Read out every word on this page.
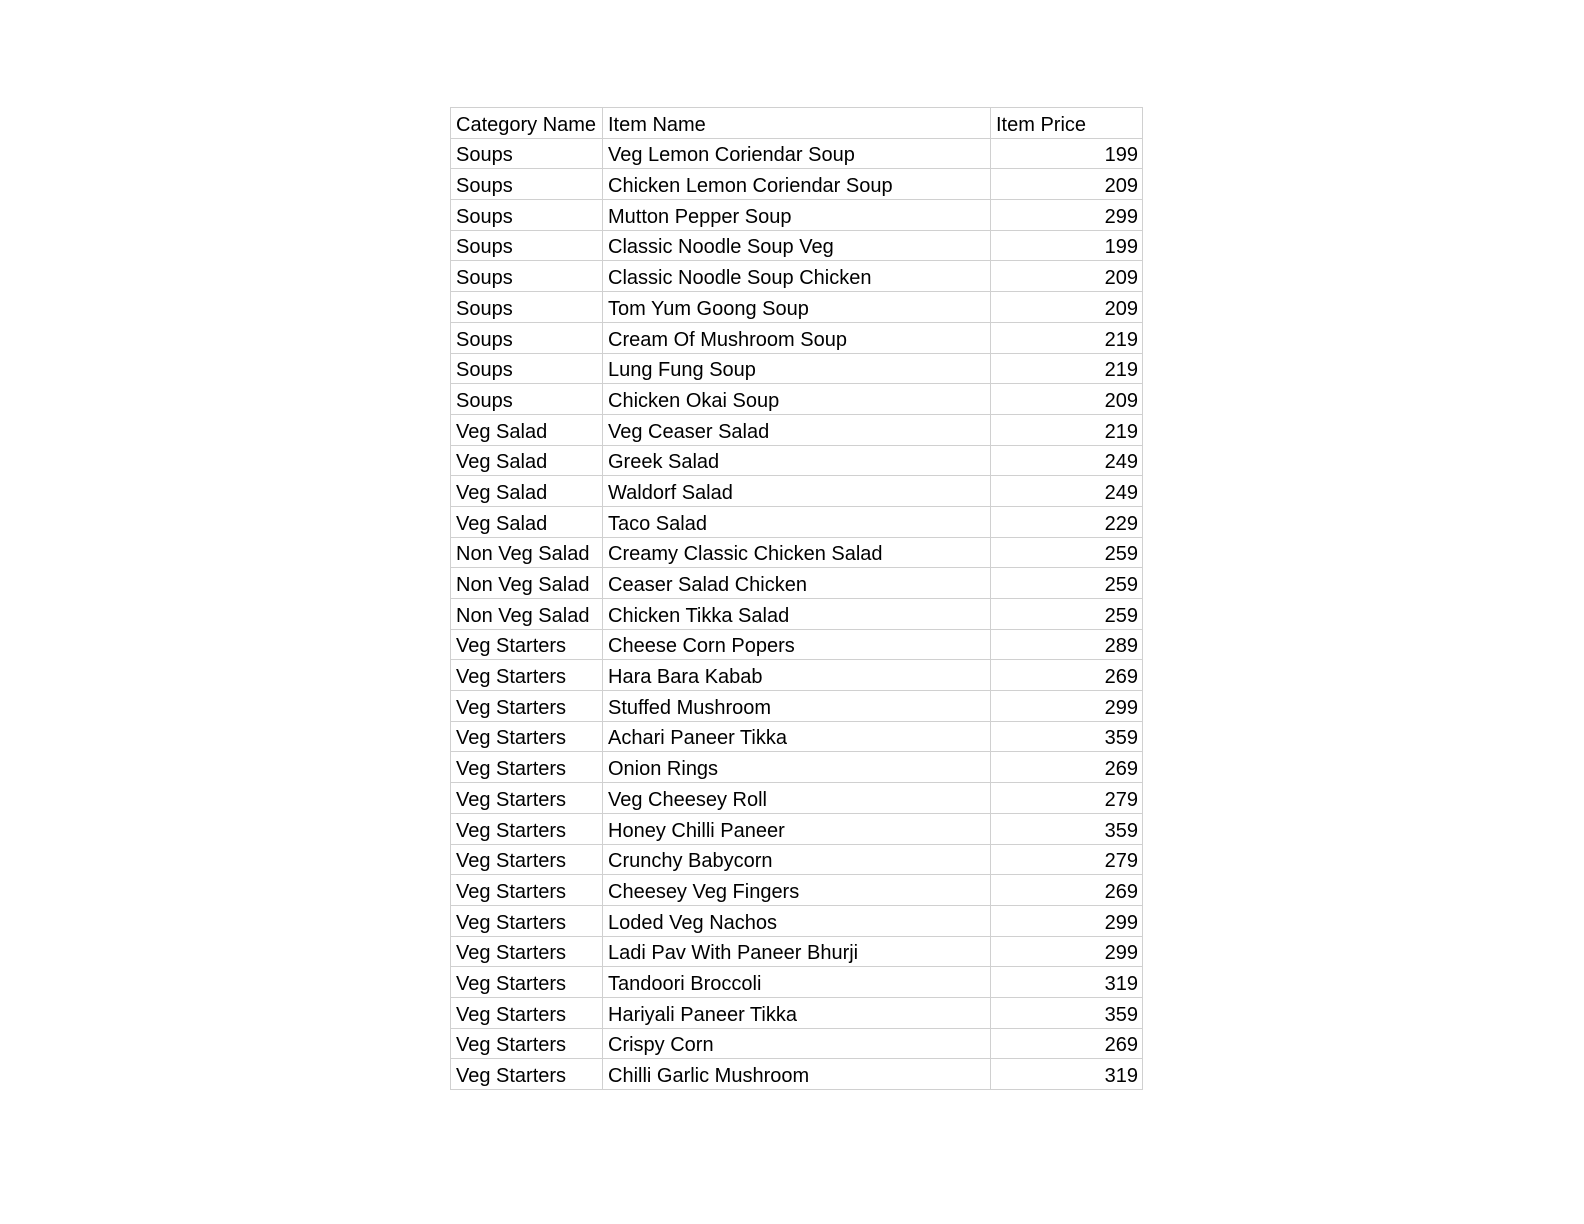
Category Name	Item Name	Item Price
Soups	Veg Lemon Coriendar Soup	199
Soups	Chicken Lemon Coriendar Soup	209
Soups	Mutton Pepper Soup	299
Soups	Classic Noodle Soup Veg	199
Soups	Classic Noodle Soup Chicken	209
Soups	Tom Yum Goong Soup	209
Soups	Cream Of Mushroom Soup	219
Soups	Lung Fung Soup	219
Soups	Chicken Okai Soup	209
Veg Salad	Veg Ceaser Salad	219
Veg Salad	Greek Salad	249
Veg Salad	Waldorf Salad	249
Veg Salad	Taco Salad	229
Non Veg Salad	Creamy Classic Chicken Salad	259
Non Veg Salad	Ceaser Salad Chicken	259
Non Veg Salad	Chicken Tikka Salad	259
Veg Starters	Cheese Corn Popers	289
Veg Starters	Hara Bara Kabab	269
Veg Starters	Stuffed Mushroom	299
Veg Starters	Achari Paneer Tikka	359
Veg Starters	Onion Rings	269
Veg Starters	Veg Cheesey Roll	279
Veg Starters	Honey Chilli Paneer	359
Veg Starters	Crunchy Babycorn	279
Veg Starters	Cheesey Veg Fingers	269
Veg Starters	Loded Veg Nachos	299
Veg Starters	Ladi Pav With Paneer Bhurji	299
Veg Starters	Tandoori Broccoli	319
Veg Starters	Hariyali Paneer Tikka	359
Veg Starters	Crispy Corn	269
Veg Starters	Chilli Garlic Mushroom	319
